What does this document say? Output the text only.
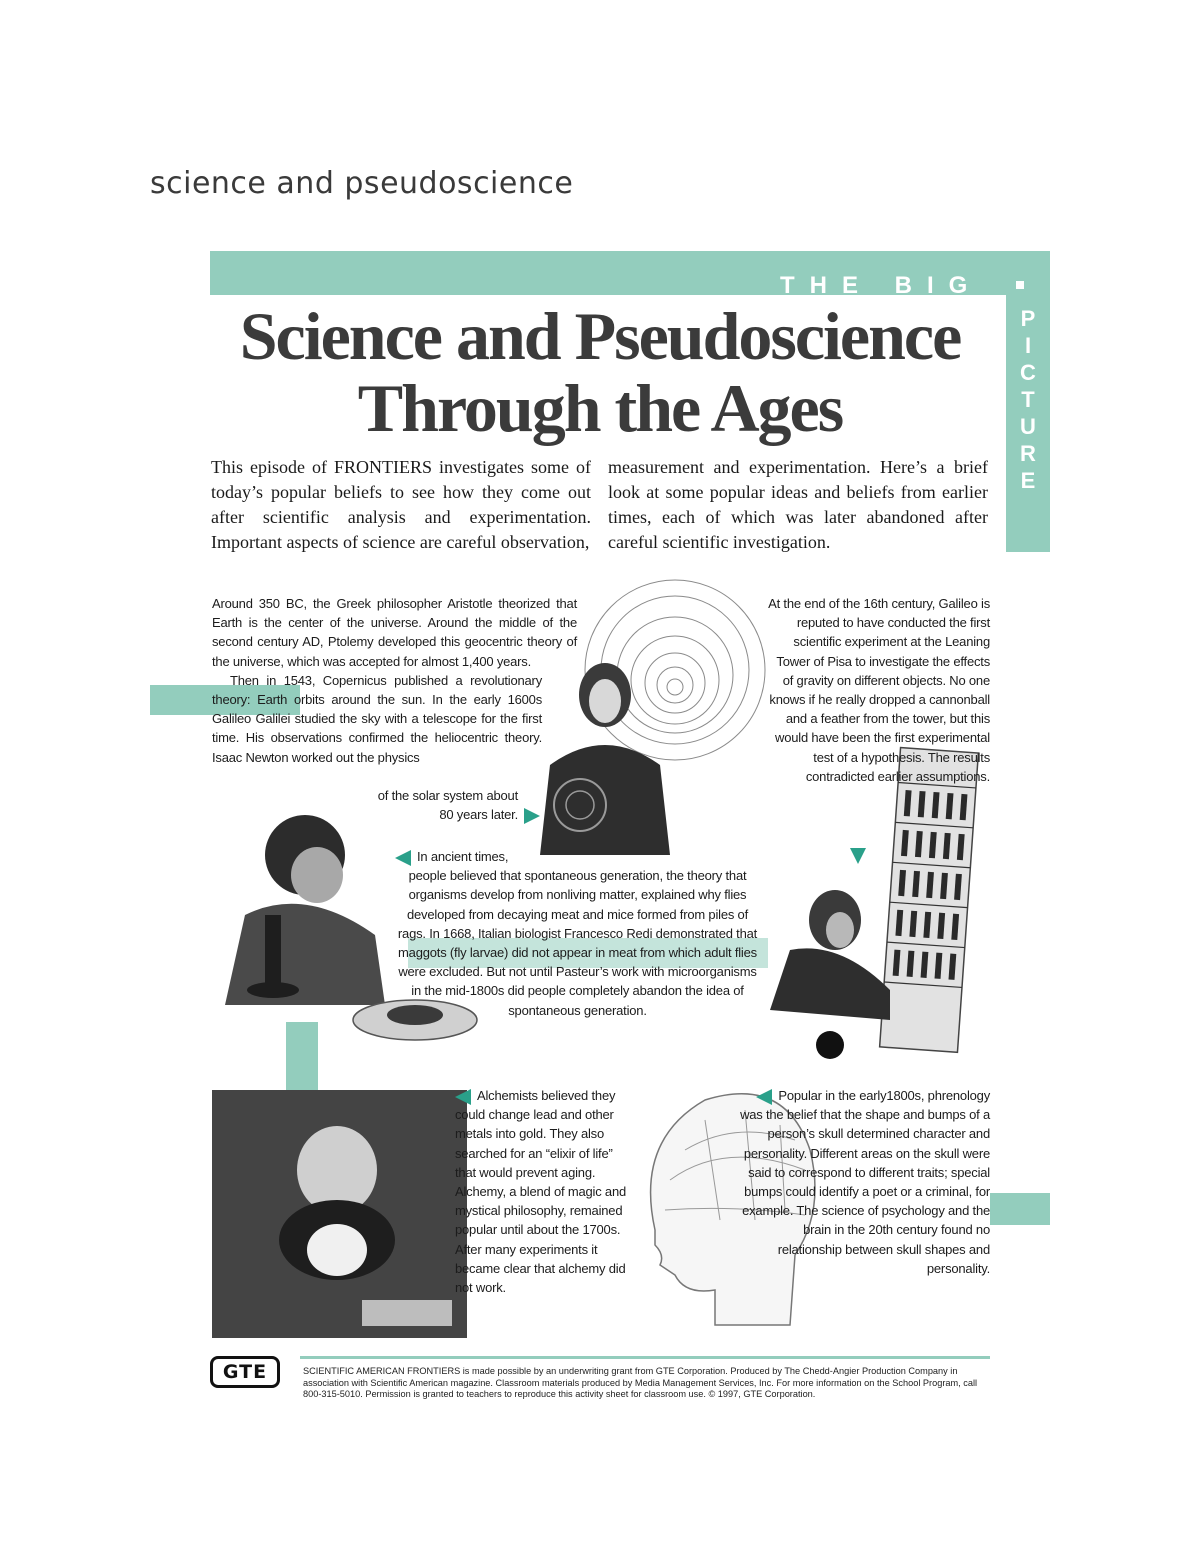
science and pseudoscience
THE BIG
P
I
C
T
U
R
E
Science and Pseudoscience
Through the Ages
This episode of FRONTIERS investigates some of today’s popular beliefs to see how they come out after scientific analysis and experimentation. Important aspects of science are careful observation,
measurement and experimentation. Here’s a brief look at some popular ideas and beliefs from earlier times, each of which was later abandoned after careful scientific investigation.
Around 350 BC, the Greek philosopher Aristotle theorized that Earth is the center of the universe. Around the middle of the second century AD, Ptolemy developed this geocentric theory of the universe, which was accepted for almost 1,400 years.
Then in 1543, Copernicus published a revolutionary theory: Earth orbits around the sun. In the early 1600s Galileo Galilei studied the sky with a telescope for the first time. His observations confirmed the heliocentric theory. Isaac Newton worked out the physics
of the solar system about
80 years later.
At the end of the 16th century, Galileo is reputed to have conducted the first scientific experiment at the Leaning Tower of Pisa to investigate the effects of gravity on different objects. No one knows if he really dropped a cannonball and a feather from the tower, but this would have been the first experimental test of a hypothesis. The results contradicted earlier assumptions.
In ancient times,
people believed that spontaneous generation, the theory that organisms develop from nonliving matter, explained why flies developed from decaying meat and mice formed from piles of rags. In 1668, Italian biologist Francesco Redi demonstrated that maggots (fly larvae) did not appear in meat from which adult flies were excluded. But not until Pasteur’s work with microorganisms in the mid-1800s did people completely abandon the idea of spontaneous generation.
Alchemists believed they could change lead and other metals into gold. They also searched for an “elixir of life” that would prevent aging. Alchemy, a blend of magic and mystical philosophy, remained popular until about the 1700s. After many experiments it became clear that alchemy did not work.
Popular in the early1800s, phrenology was the belief that the shape and bumps of a person’s skull determined character and personality. Different areas on the skull were said to correspond to different traits; special bumps could identify a poet or a criminal, for example. The science of psychology and the brain in the 20th century found no relationship between skull shapes and personality.
GTE	SCIENTIFIC AMERICAN FRONTIERS is made possible by an underwriting grant from GTE Corporation. Produced by The Chedd-Angier Production Company in association with Scientific American magazine. Classroom materials produced by Media Management Services, Inc. For more information on the School Program, call 800-315-5010. Permission is granted to teachers to reproduce this activity sheet for classroom use. © 1997, GTE Corporation.
